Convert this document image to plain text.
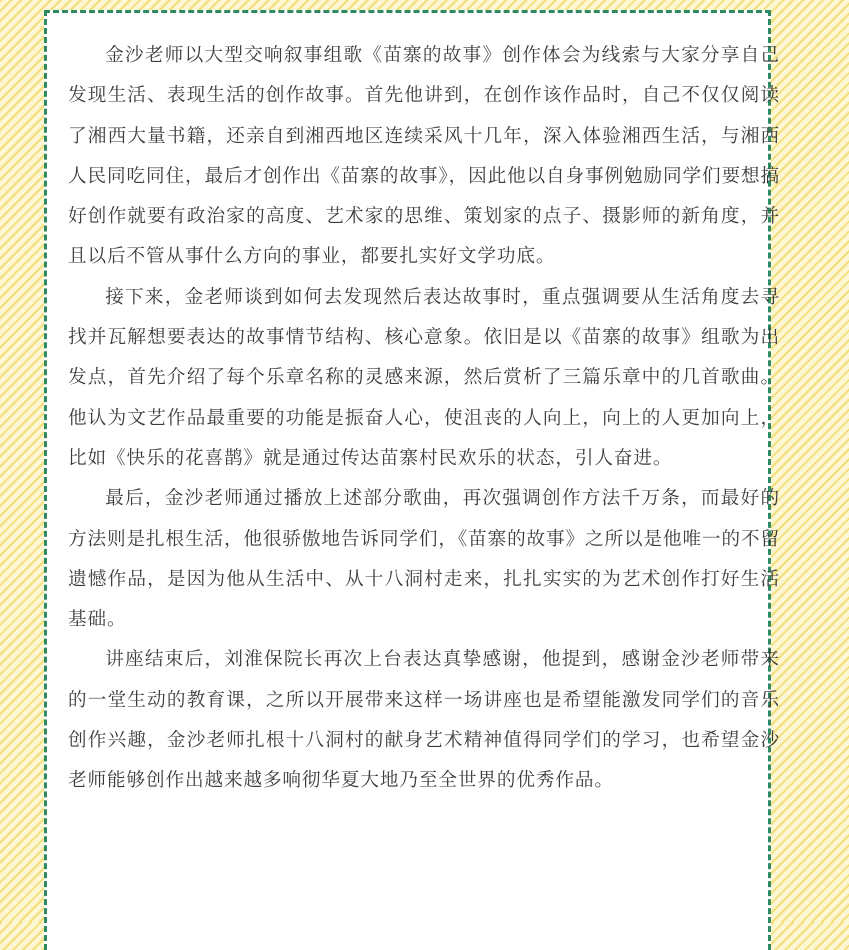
金沙老师以大型交响叙事组歌《苗寨的故事》创作体会为线索与大家分享自己发现生活、表现生活的创作故事。首先他讲到，在创作该作品时，自己不仅仅阅读了湘西大量书籍，还亲自到湘西地区连续采风十几年，深入体验湘西生活，与湘西人民同吃同住，最后才创作出《苗寨的故事》，因此他以自身事例勉励同学们要想搞好创作就要有政治家的高度、艺术家的思维、策划家的点子、摄影师的新角度，并且以后不管从事什么方向的事业，都要扎实好文学功底。

接下来，金老师谈到如何去发现然后表达故事时，重点强调要从生活角度去寻找并瓦解想要表达的故事情节结构、核心意象。依旧是以《苗寨的故事》组歌为出发点，首先介绍了每个乐章名称的灵感来源，然后赏析了三篇乐章中的几首歌曲。他认为文艺作品最重要的功能是振奋人心，使沮丧的人向上，向上的人更加向上，比如《快乐的花喜鹊》就是通过传达苗寨村民欢乐的状态，引人奋进。

最后，金沙老师通过播放上述部分歌曲，再次强调创作方法千万条，而最好的方法则是扎根生活，他很骄傲地告诉同学们，《苗寨的故事》之所以是他唯一的不留遗憾作品，是因为他从生活中、从十八洞村走来，扎扎实实的为艺术创作打好生活基础。

讲座结束后，刘淮保院长再次上台表达真挚感谢，他提到，感谢金沙老师带来的一堂生动的教育课，之所以开展带来这样一场讲座也是希望能激发同学们的音乐创作兴趣，金沙老师扎根十八洞村的献身艺术精神值得同学们的学习，也希望金沙老师能够创作出越来越多响彻华夏大地乃至全世界的优秀作品。
